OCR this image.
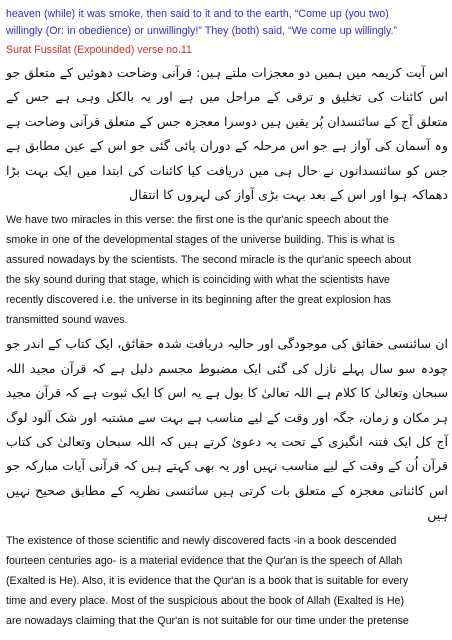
heaven (while) it was smoke, then said to it and to the earth, “Come up (you two)

willingly (Or: in obedience) or unwillingly!” They (both) said, “We come up willingly.”

Surat Fussilat (Expounded) verse no.11

اس آیت کریمہ میں ہمیں دو معجزات ملتے ہیں: قرآنی وضاحت دھوئیں کے متعلق جو اس کائنات کی تخلیق و ترقی کے مراحل میں ہے اور یہ بالکل وہی ہے جس کے متعلق آج کے سائنسدان پُر یقین ہیں دوسرا معجزہ جس کے متعلق قرآنی وضاحت ہے وہ آسمان کی آواز ہے جو اس مرحلہ کے دوران پائی گئی جو اس کے عین مطابق ہے جس کو سائنسدانوں نے حال ہی میں دریافت کیا کائنات کی ابتدا میں ایک بہت بڑا دھماکہ ہوا اور اس کے بعد بہت بڑی آواز کی لہروں کا انتقال

We have two miracles in this verse: the first one is the qur'anic speech about the

smoke in one of the developmental stages of the universe building. This is what is

assured nowadays by the scientists. The second miracle is the qur'anic speech about

the sky sound during that stage, which is coinciding with what the scientists have

recently discovered i.e. the universe in its beginning after the great explosion has

transmitted sound waves.

ان سائنسی حقائق کی موجودگی اور حالیہ دریافت شدہ حقائق، ایک کتاب کے اندر جو چودہ سو سال پہلے نازل کی گئی ایک مضبوط مجسم دلیل ہے کہ قرآن مجید اللہ سبحان وتعالیٰ کا کلام ہے اللہ تعالیٰ کا بول ہے یہ اس کا ایک ثبوت ہے کہ قرآن مجید ہر مکان و زمان، جگہ اور وقت کے لیے مناسب ہے بہت سے مشتبہ اور شک آلود لوگ آج کل ایک فتنہ انگیزی کے تحت یہ دعویٰ کرتے ہیں کہ اللہ سبحان وتعالیٰ کی کتاب قرآن اُن کے وقت کے لیے مناسب نہیں اور یہ بھی کہتے ہیں کہ قرآنی آیات مبارکہ جو اس کائناتی معجزہ کے متعلق بات کرتی ہیں سائنسی نظریہ کے مطابق صحیح نہیں ہیں

The existence of those scientific and newly discovered facts -in a book descended

fourteen centuries ago- is a material evidence that the Qur'an is the speech of Allah

(Exalted is He). Also, it is evidence that the Qur'an is a book that is suitable for every

time and every place. Most of the suspicious about the book of Allah (Exalted is He)

are nowadays claiming that the Qur'an is not suitable for our time under the pretense
